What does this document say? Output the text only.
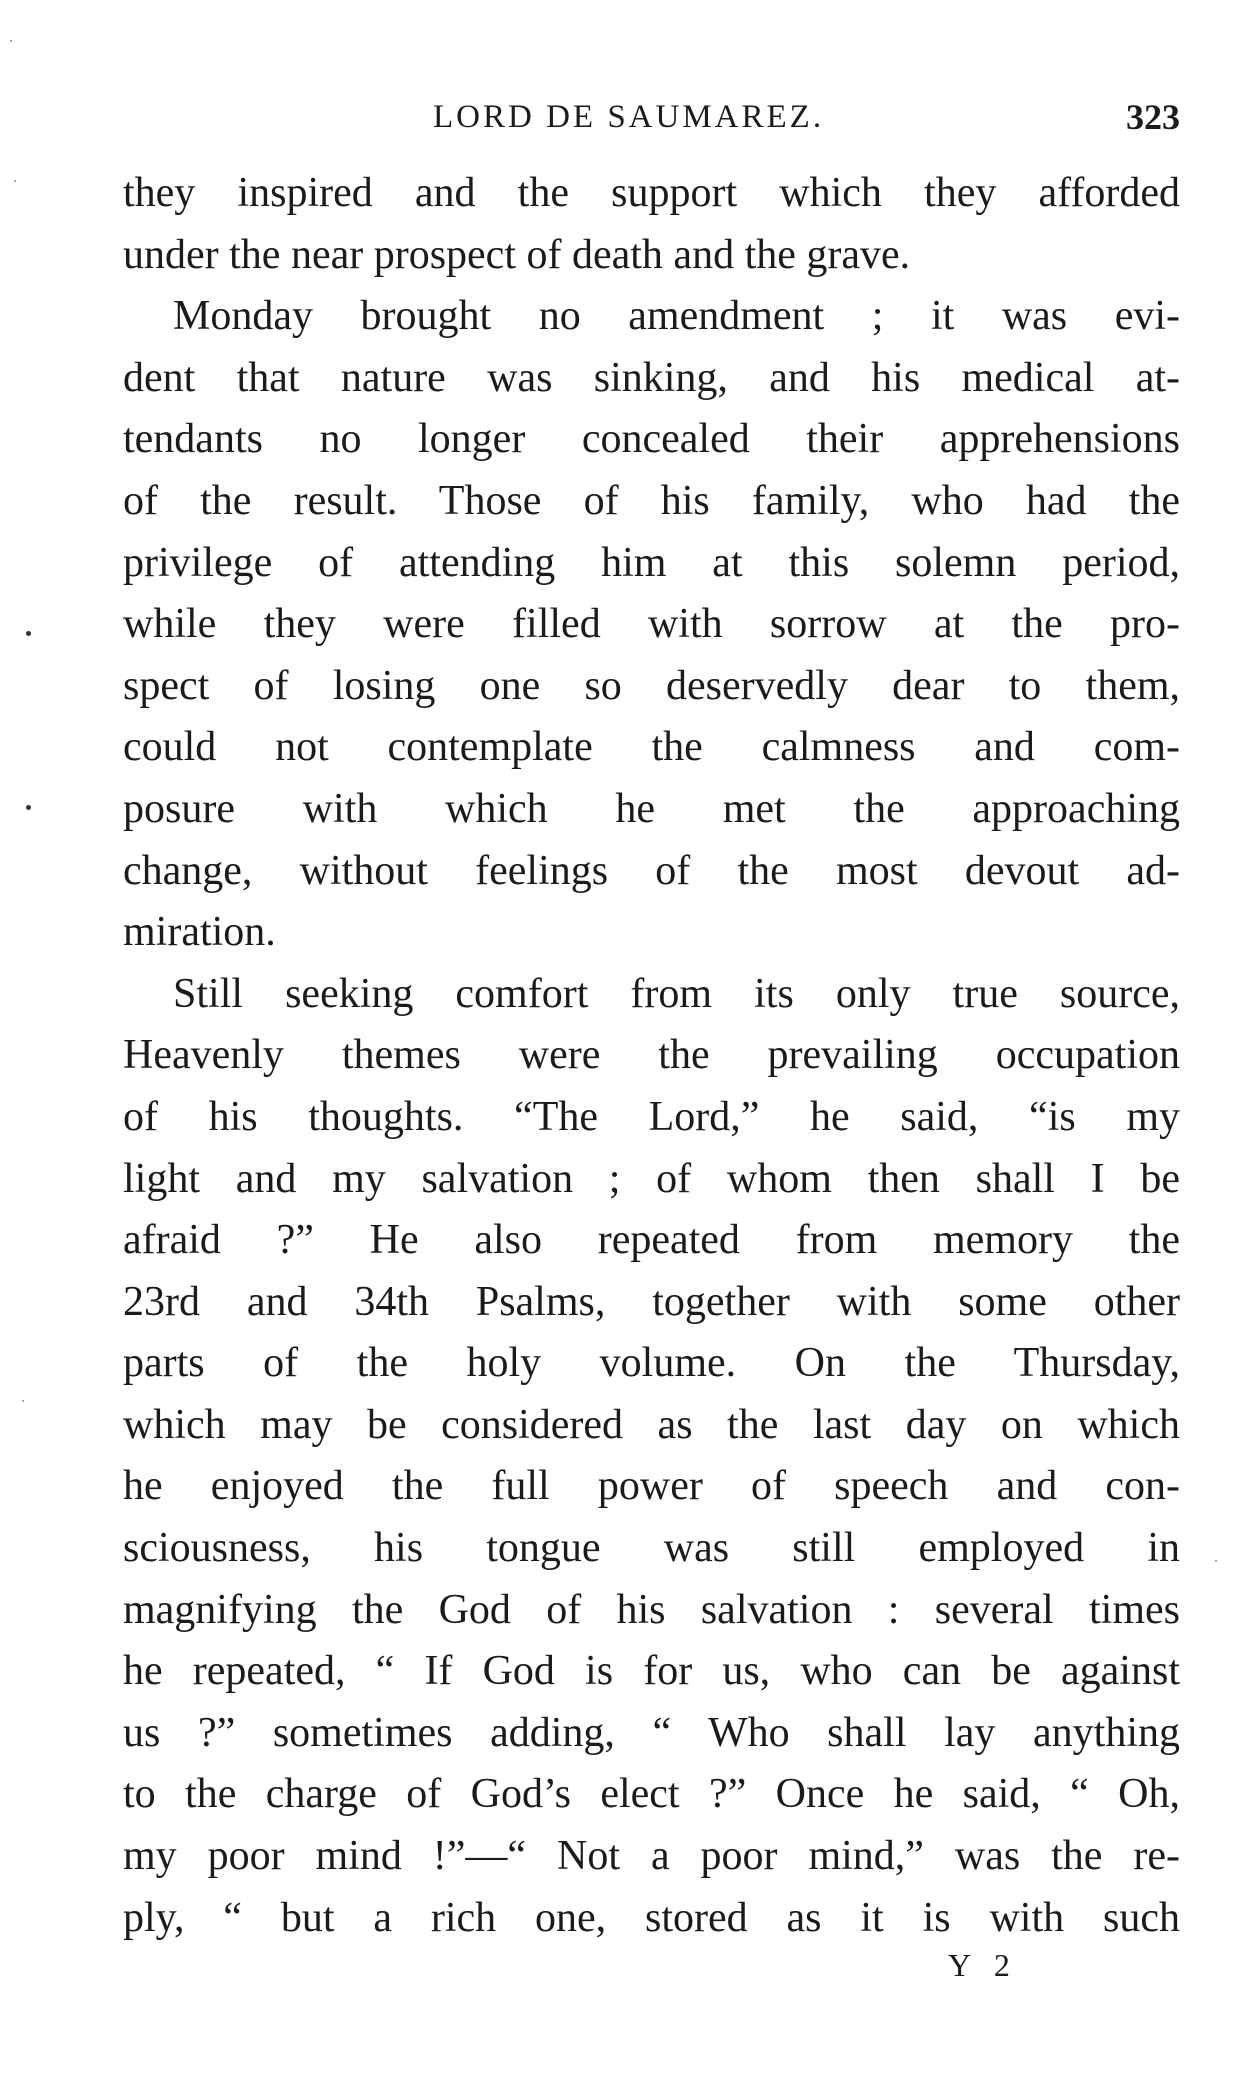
LORD DE SAUMAREZ.	323
they inspired and the support which they afforded
under the near prospect of death and the grave.
Monday brought no amendment ; it was evi-
dent that nature was sinking, and his medical at-
tendants no longer concealed their apprehensions
of the result. Those of his family, who had the
privilege of attending him at this solemn period,
while they were filled with sorrow at the pro-
spect of losing one so deservedly dear to them,
could not contemplate the calmness and com-
posure with which he met the approaching
change, without feelings of the most devout ad-
miration.
Still seeking comfort from its only true source,
Heavenly themes were the prevailing occupation
of his thoughts. “The Lord,” he said, “is my
light and my salvation ; of whom then shall I be
afraid ?” He also repeated from memory the
23rd and 34th Psalms, together with some other
parts of the holy volume. On the Thursday,
which may be considered as the last day on which
he enjoyed the full power of speech and con-
sciousness, his tongue was still employed in
magnifying the God of his salvation : several times
he repeated, “ If God is for us, who can be against
us ?” sometimes adding, “ Who shall lay anything
to the charge of God’s elect ?” Once he said, “ Oh,
my poor mind !”—“ Not a poor mind,” was the re-
ply, “ but a rich one, stored as it is with such
Y 2
